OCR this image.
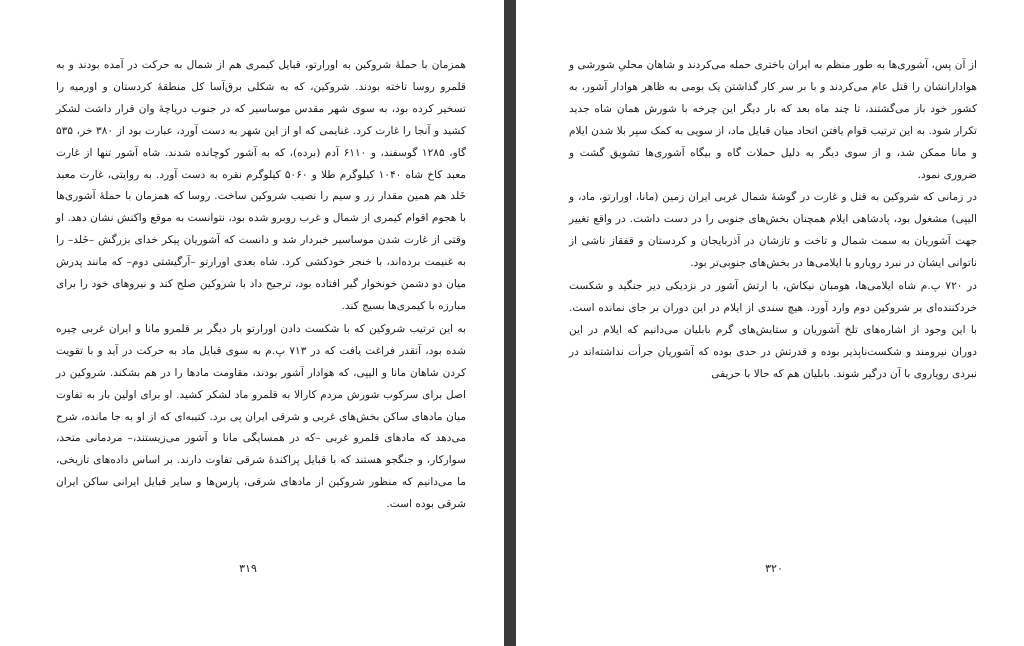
همزمان با حملهٔ شروکین به اورارتو، قبایل کیمری هم از شمال به حرکت در آمده بودند و به قلمرو روسا تاخته بودند. شروکین، که به شکلی برق‌آسا کل منطقهٔ کردستان و اورمیه را تسخیر کرده بود، به سوی شهر مقدس موساسیر که در جنوب دریاچهٔ وان قرار داشت لشکر کشید و آنجا را غارت کرد. غنایمی که او از این شهر به دست آورد، عبارت بود از ۳۸۰ خر، ۵۳۵ گاو، ۱۲۸۵ گوسفند، و ۶۱۱۰ آدم (برده)، که به آشور کوچانده شدند. شاه آشور تنها از غارت معبد کاخ شاه ۱۰۴۰ کیلوگرم طلا و ۵۰۶۰ کیلوگرم نقره به دست آورد. به روایتی، غارت معبد خَلد هم همین مقدار زر و سیم را نصیب شروکین ساخت. روسا که همزمان با حملهٔ آشوری‌ها با هجوم اقوام کیمری از شمال و غرب روبرو شده بود، نتوانست به موقع واکنش نشان دهد. او وقتی از غارت شدن موساسیر خبردار شد و دانست که آشوریان پیکر خدای بزرگش –خَلد– را به غنیمت برده‌اند، با خنجر خودکشی کرد. شاه بعدی اورارتو –آرگیشتی دوم– که مانند پدرش میان دو دشمن خونخوار گیر افتاده بود، ترجیح داد با شروکین صلح کند و نیروهای خود را برای مبارزه با کیمری‌ها بسیج کند.

به این ترتیب شروکین که با شکست دادن اورارتو بار دیگر بر قلمرو مانا و ایران غربی چیره شده بود، آنقدر فراغت یافت که در ۷۱۳ پ.م به سوی قبایل ماد به حرکت در آید و با تقویت کردن شاهان مانا و الیپی، که هوادار آشور بودند، مقاومت مادها را در هم بشکند. شروکین در اصل برای سرکوب شورش مردم کارالا به قلمرو ماد لشکر کشید. او برای اولین بار به تفاوت میان مادهای ساکن بخش‌های غربی و شرقی ایران پی برد. کتیبه‌ای که از او به جا مانده، شرح می‌دهد که مادهای قلمرو غربی –که در همسایگی مانا و آشور می‌زیستند،– مردمانی متحد، سوارکار، و جنگجو هستند که با قبایل پراکندهٔ شرقی تفاوت دارند. بر اساس داده‌های تاریخی، ما می‌دانیم که منظور شروکین از مادهای شرقی، پارس‌ها و سایر قبایل ایرانی ساکن ایران شرقی بوده است.

۳۱۹

از آن پس، آشوری‌ها به طور منظم به ایران باختری حمله می‌کردند و شاهان محلیِ شورشی و هوادارانشان را قتل عام می‌کردند و با بر سر کار گذاشتن یک بومی به ظاهر هوادار آشور، به کشور خود باز می‌گشتند، تا چند ماه بعد که بار دیگر این چرخه با شورش همان شاه جدید تکرار شود. به این ترتیب قوام یافتن اتحاد میان قبایل ماد، از سویی به کمک سپر بلا شدن ایلام و مانا ممکن شد، و از سوی دیگر به دلیل حملات گاه و بیگاه آشوری‌ها تشویق گشت و ضروری نمود.

در زمانی که شروکین به قتل و غارت در گوشهٔ شمال غربی ایران زمین (مانا، اورارتو، ماد، و الیپی) مشغول بود، پادشاهی ایلام همچنان بخش‌های جنوبی را در دست داشت. در واقع تغییر جهت آشوریان به سمت شمال و تاخت و تازشان در آذربایجان و کردستان و قفقاز ناشی از ناتوانی ایشان در نبرد رویارو با ایلامی‌ها در بخش‌های جنوبی‌تر بود.

در ۷۲۰ پ.م شاه ایلامی‌ها، هومبان نیکاش، با ارتش آشور در نزدیکی دیر جنگید و شکست خردکننده‌ای بر شروکین دوم وارد آورد. هیچ سندی از ایلام در این دوران بر جای نمانده است. با این وجود از اشاره‌های تلخ آشوریان و ستایش‌های گرم بابلیان می‌دانیم که ایلام در این دوران نیرومند و شکست‌ناپذیر بوده و قدرتش در حدی بوده که آشوریان جرأت نداشته‌اند در نبردی رویاروی با آن درگیر شوند. بابلیان هم که حالا با حریفی

۳۲۰
